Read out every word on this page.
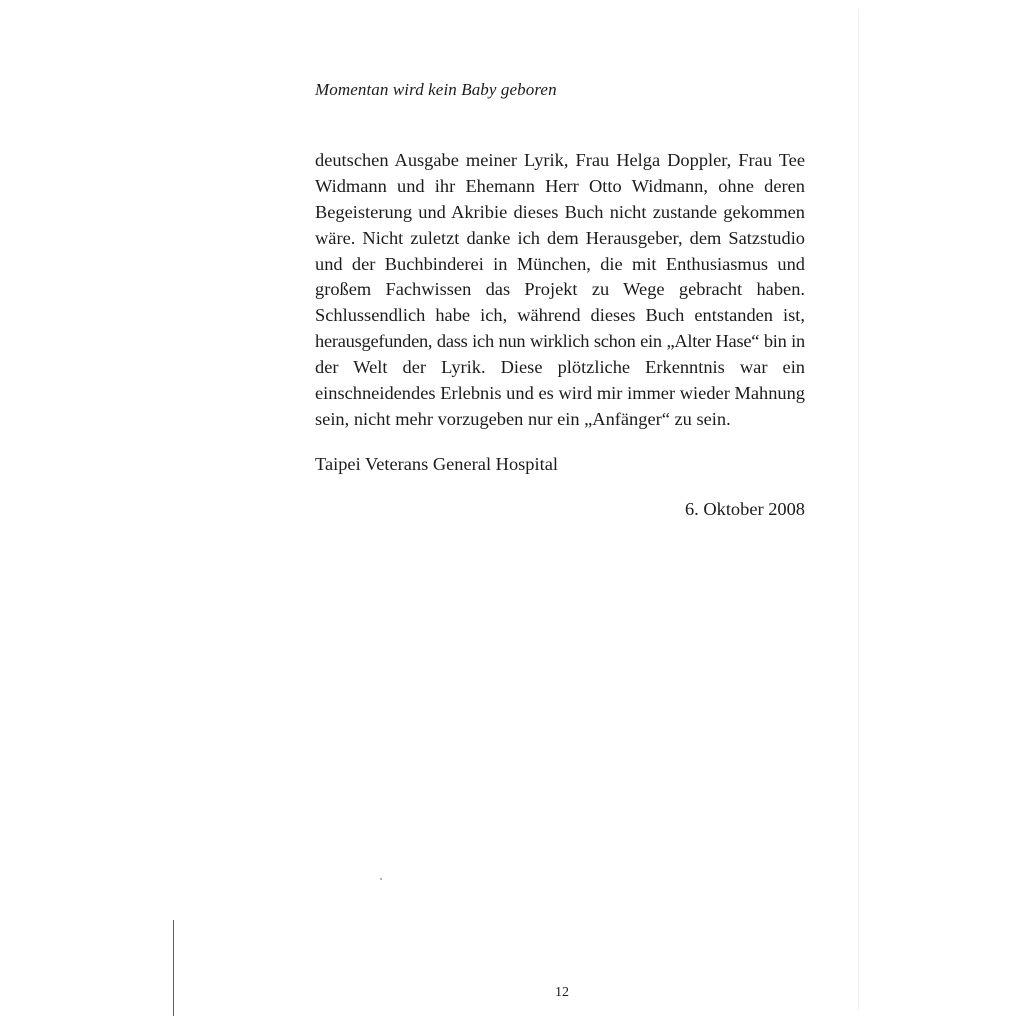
Momentan wird kein Baby geboren
deutschen Ausgabe meiner Lyrik, Frau Helga Doppler, Frau Tee
Widmann und ihr Ehemann Herr Otto Widmann, ohne deren
Begeisterung und Akribie dieses Buch nicht zustande gekommen
wäre. Nicht zuletzt danke ich dem Herausgeber, dem Satzstudio
und der Buchbinderei in München, die mit Enthusiasmus und
großem Fachwissen das Projekt zu Wege gebracht haben.
Schlussendlich habe ich, während dieses Buch entstanden ist,
herausgefunden, dass ich nun wirklich schon ein „Alter Hase“ bin in
der Welt der Lyrik. Diese plötzliche Erkenntnis war ein
einschneidendes Erlebnis und es wird mir immer wieder Mahnung
sein, nicht mehr vorzugeben nur ein „Anfänger“ zu sein.
Taipei Veterans General Hospital
6. Oktober 2008
12
